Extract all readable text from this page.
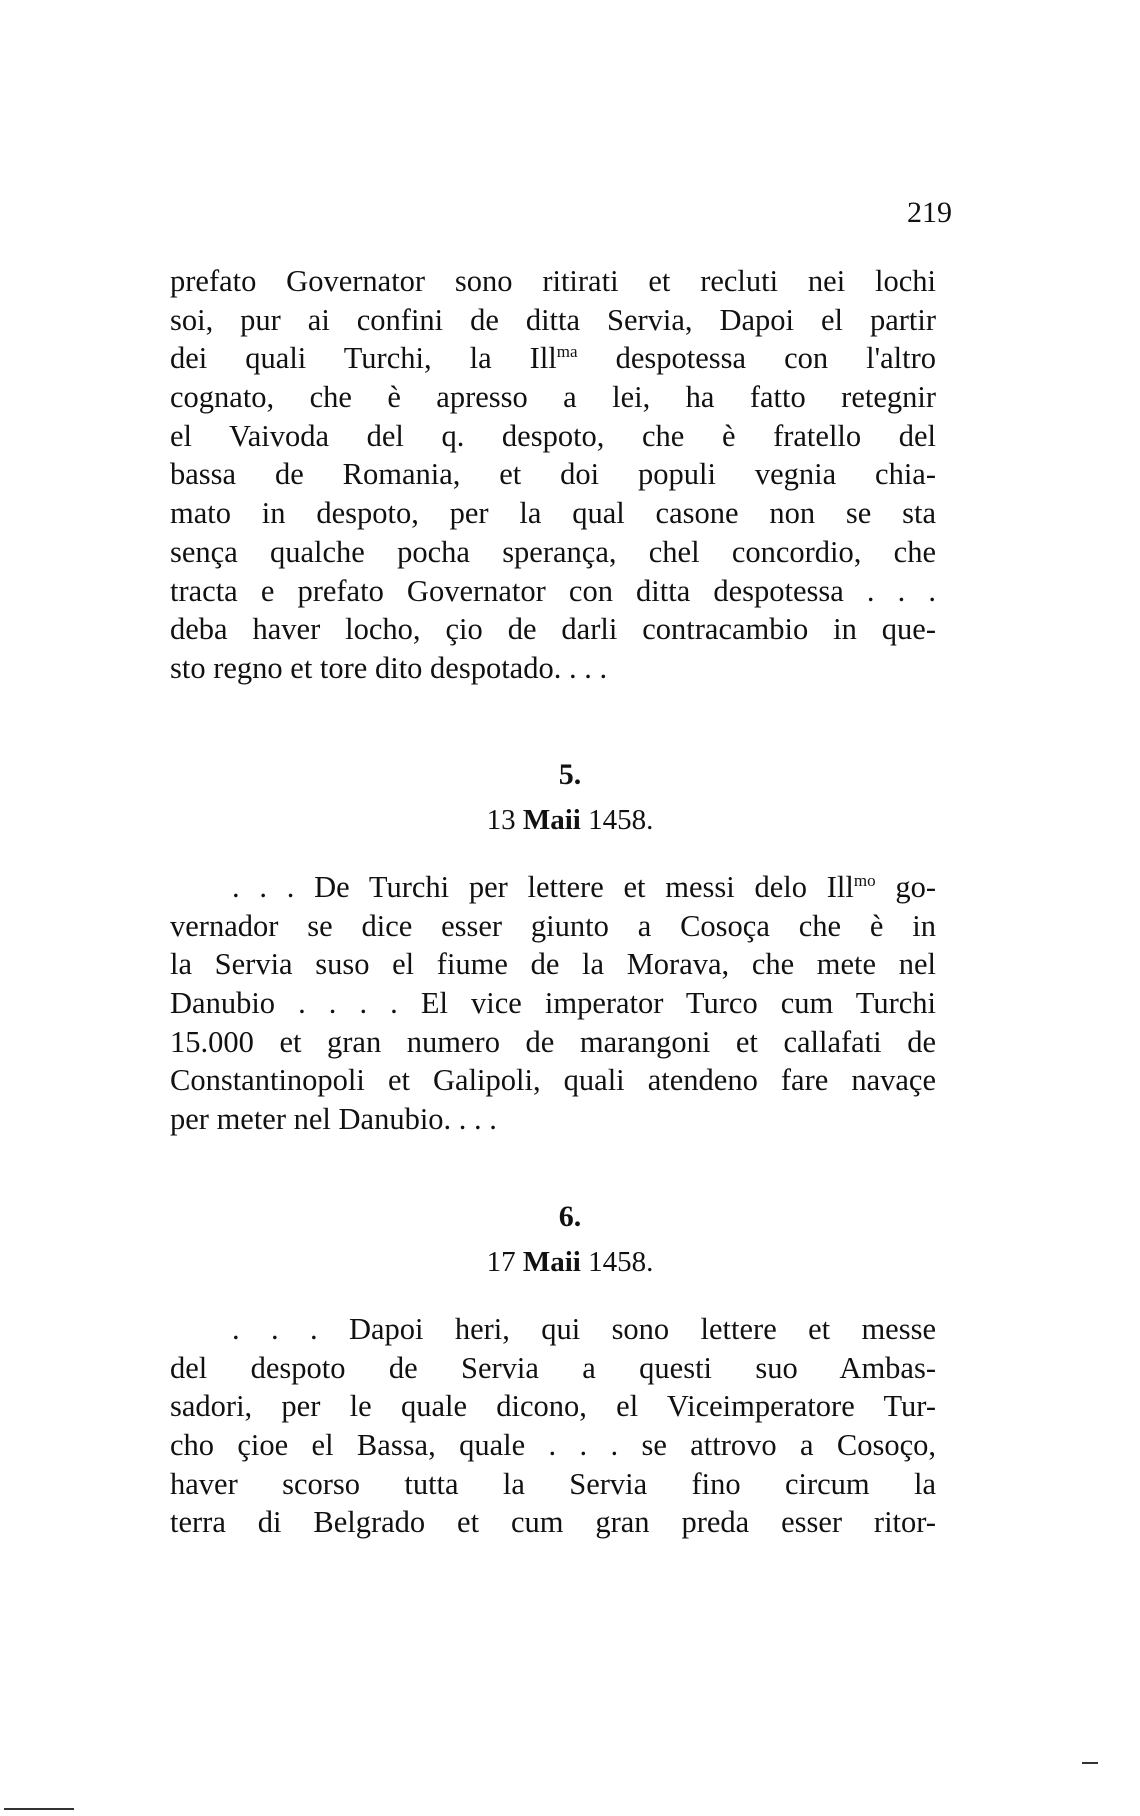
219
prefato Governator sono ritirati et recluti nei lochi
soi, pur ai confini de ditta Servia, Dapoi el partir
dei quali Turchi, la Ill$^{ma}$ despotessa con l'altro
cognato, che è apresso a lei, ha fatto retegnir
el Vaivoda del q. despoto, che è fratello del
bassa de Romania, et doi populi vegnia chia-
mato in despoto, per la qual casone non se sta
sença qualche pocha sperança, chel concordio, che
tracta e prefato Governator con ditta despotessa . . .
deba haver locho, çio de darli contracambio in que-
sto regno et tore dito despotado. . . .
5.
13 Maii 1458.
. . . De Turchi per lettere et messi delo Ill$^{mo}$ go-
vernador se dice esser giunto a Cosoça che è in
la Servia suso el fiume de la Morava, che mete nel
Danubio . . . . El vice imperator Turco cum Turchi
15.000 et gran numero de marangoni et callafati de
Constantinopoli et Galipoli, quali atendeno fare navaçe
per meter nel Danubio. . . .
6.
17 Maii 1458.
. . . Dapoi heri, qui sono lettere et messe
del despoto de Servia a questi suo Ambas-
sadori, per le quale dicono, el Viceimperatore Tur-
cho çioe el Bassa, quale . . . se attrovo a Cosoço,
haver scorso tutta la Servia fino circum la
terra di Belgrado et cum gran preda esser ritor-
